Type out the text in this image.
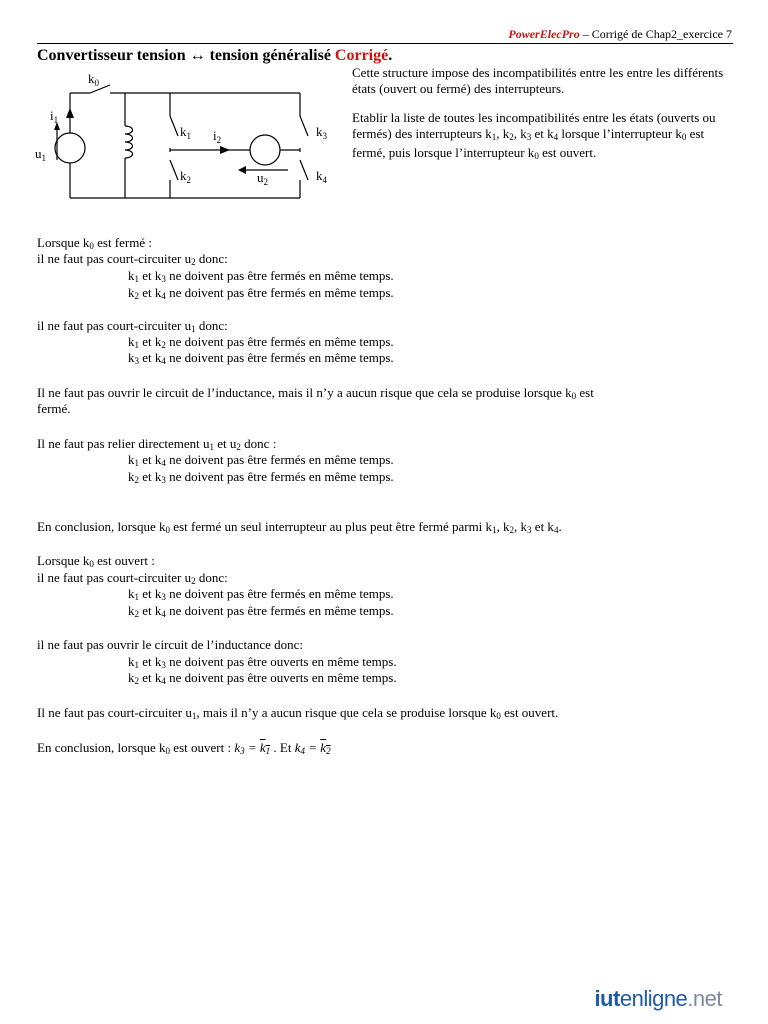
PowerElecPro – Corrigé de Chap2_exercice 7
Convertisseur tension ↔ tension généralisé Corrigé.
$k_0$
$i_1$
$u_1$
$k_1$ $i_2$
$k_3$
$k_2$	$u_2$	$k_4$

Cette structure impose des incompatibilités entre les entre les différents états (ouvert ou fermé) des interrupteurs.

Etablir la liste de toutes les incompatibilités entre les états (ouverts ou fermés) des interrupteurs $k_1$, $k_2$, $k_3$ et $k_4$ lorsque l’interrupteur $k_0$ est fermé, puis lorsque l’interrupteur $k_0$ est ouvert.

Lorsque $k_0$ est fermé :
il ne faut pas court-circuiter $u_2$ donc:
$k_1$ et $k_3$ ne doivent pas être fermés en même temps.
$k_2$ et $k_4$ ne doivent pas être fermés en même temps.
il ne faut pas court-circuiter $u_1$ donc:
$k_1$ et $k_2$ ne doivent pas être fermés en même temps.
$k_3$ et $k_4$ ne doivent pas être fermés en même temps.
Il ne faut pas ouvrir le circuit de l’inductance, mais il n’y a aucun risque que cela se produise lorsque $k_0$ est
fermé.
Il ne faut pas relier directement $u_1$ et $u_2$ donc :
$k_1$ et $k_4$ ne doivent pas être fermés en même temps.
$k_2$ et $k_3$ ne doivent pas être fermés en même temps.
En conclusion, lorsque $k_0$ est fermé un seul interrupteur au plus peut être fermé parmi $k_1$, $k_2$, $k_3$ et $k_4$.
Lorsque $k_0$ est ouvert :
il ne faut pas court-circuiter $u_2$ donc:
$k_1$ et $k_3$ ne doivent pas être fermés en même temps.
$k_2$ et $k_4$ ne doivent pas être fermés en même temps.
il ne faut pas ouvrir le circuit de l’inductance donc:
$k_1$ et $k_3$ ne doivent pas être ouverts en même temps.
$k_2$ et $k_4$ ne doivent pas être ouverts en même temps.
Il ne faut pas court-circuiter $u_1$, mais il n’y a aucun risque que cela se produise lorsque $k_0$ est ouvert.
En conclusion, lorsque $k_0$ est ouvert : $k_3 = k_1$ . Et $k_4 = k_2$
iutenligne.net
